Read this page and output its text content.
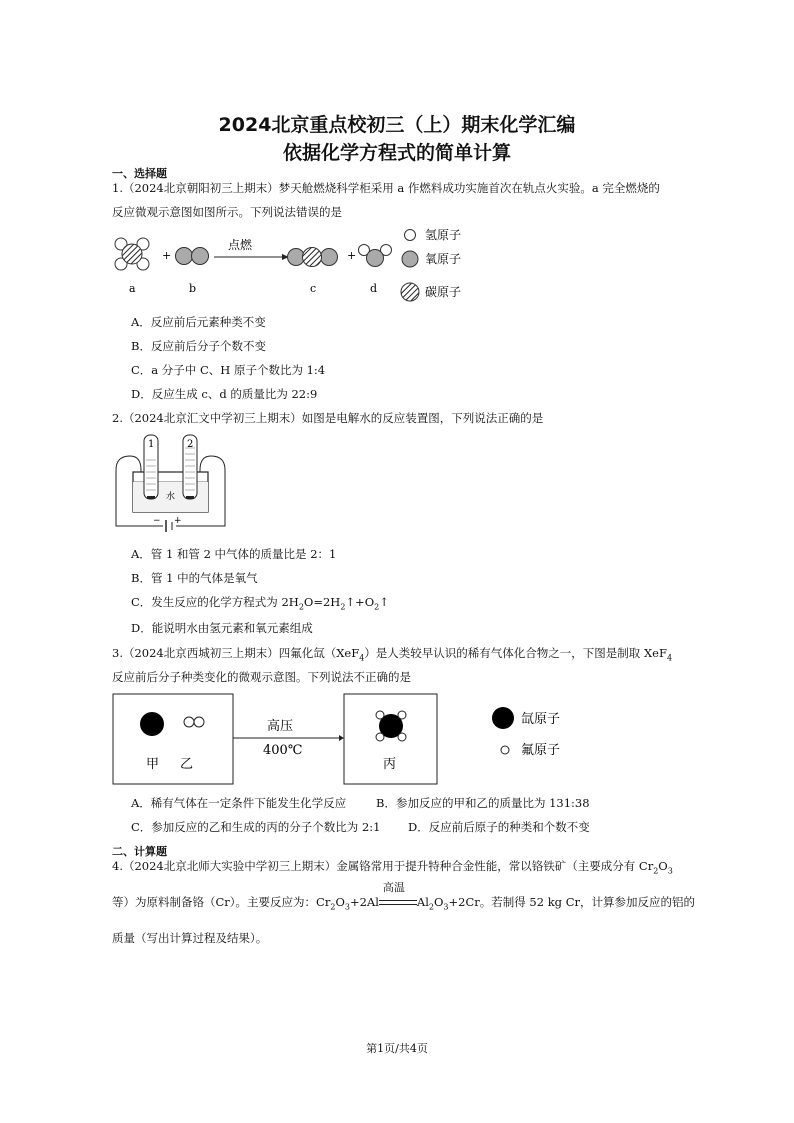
2024北京重点校初三（上）期末化学汇编
依据化学方程式的简单计算
一、选择题
1.（2024北京朝阳初三上期末）梦天舱燃烧科学柜采用 a 作燃料成功实施首次在轨点火实验。a 完全燃烧的
反应微观示意图如图所示。下列说法错误的是
+
点燃
+
a	b	c	d
氢原子
氧原子
碳原子
A．反应前后元素种类不变
B．反应前后分子个数不变
C．a 分子中 C、H 原子个数比为 1:4
D．反应生成 c、d 的质量比为 22:9
2.（2024北京汇文中学初三上期末）如图是电解水的反应装置图，下列说法正确的是
1	2
水
− +
A．管 1 和管 2 中气体的质量比是 2：1
B．管 1 中的气体是氧气
C．发生反应的化学方程式为 $2H_2O=2H_2↑+O_2↑$
D．能说明水由氢元素和氧元素组成
3.（2024北京西城初三上期末）四氟化氙（XeF$_4$）是人类较早认识的稀有气体化合物之一，下图是制取 XeF$_4$
反应前后分子种类变化的微观示意图。下列说法不正确的是
甲 乙
高压
400℃
丙
氙原子
氟原子
A．稀有气体在一定条件下能发生化学反应	B．参加反应的甲和乙的质量比为 131:38
C．参加反应的乙和生成的丙的分子个数比为 2:1 D．反应前后原子的种类和个数不变
二、计算题
4.（2024北京北师大实验中学初三上期末）金属铬常用于提升特种合金性能，常以铬铁矿（主要成分有 $Cr_2O_3$
等）为原料制备铬（Cr）。主要反应为：$Cr_2O_3+2Al$
高温
$Al_2O_3+2Cr$。若制得 52 kg Cr，计算参加反应的铝的
质量（写出计算过程及结果）。
第1页/共4页
